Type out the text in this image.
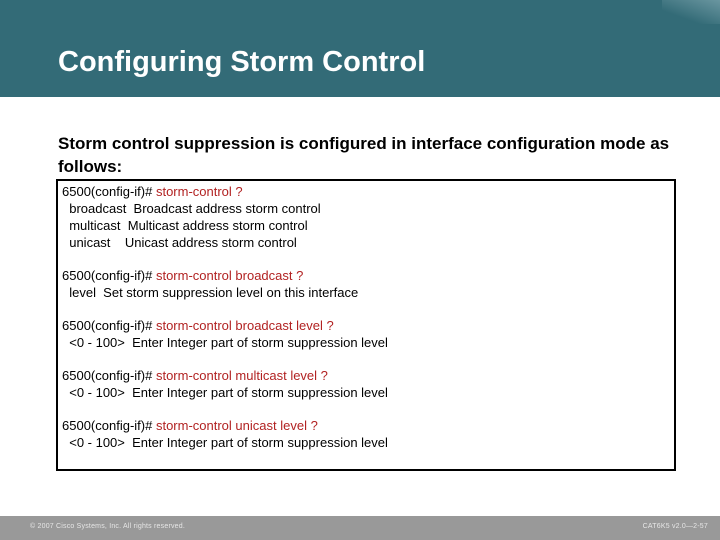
Configuring Storm Control

Storm control suppression is configured in interface configuration mode as follows:

6500(config-if)# storm-control ?
broadcast  Broadcast address storm control
multicast  Multicast address storm control
unicast    Unicast address storm control
6500(config-if)# storm-control broadcast ?
level  Set storm suppression level on this interface
6500(config-if)# storm-control broadcast level ?
<0 - 100>  Enter Integer part of storm suppression level
6500(config-if)# storm-control multicast level ?
<0 - 100>  Enter Integer part of storm suppression level
6500(config-if)# storm-control unicast level ?
<0 - 100>  Enter Integer part of storm suppression level
© 2007 Cisco Systems, Inc. All rights reserved.	CAT6K5 v2.0—2-57
